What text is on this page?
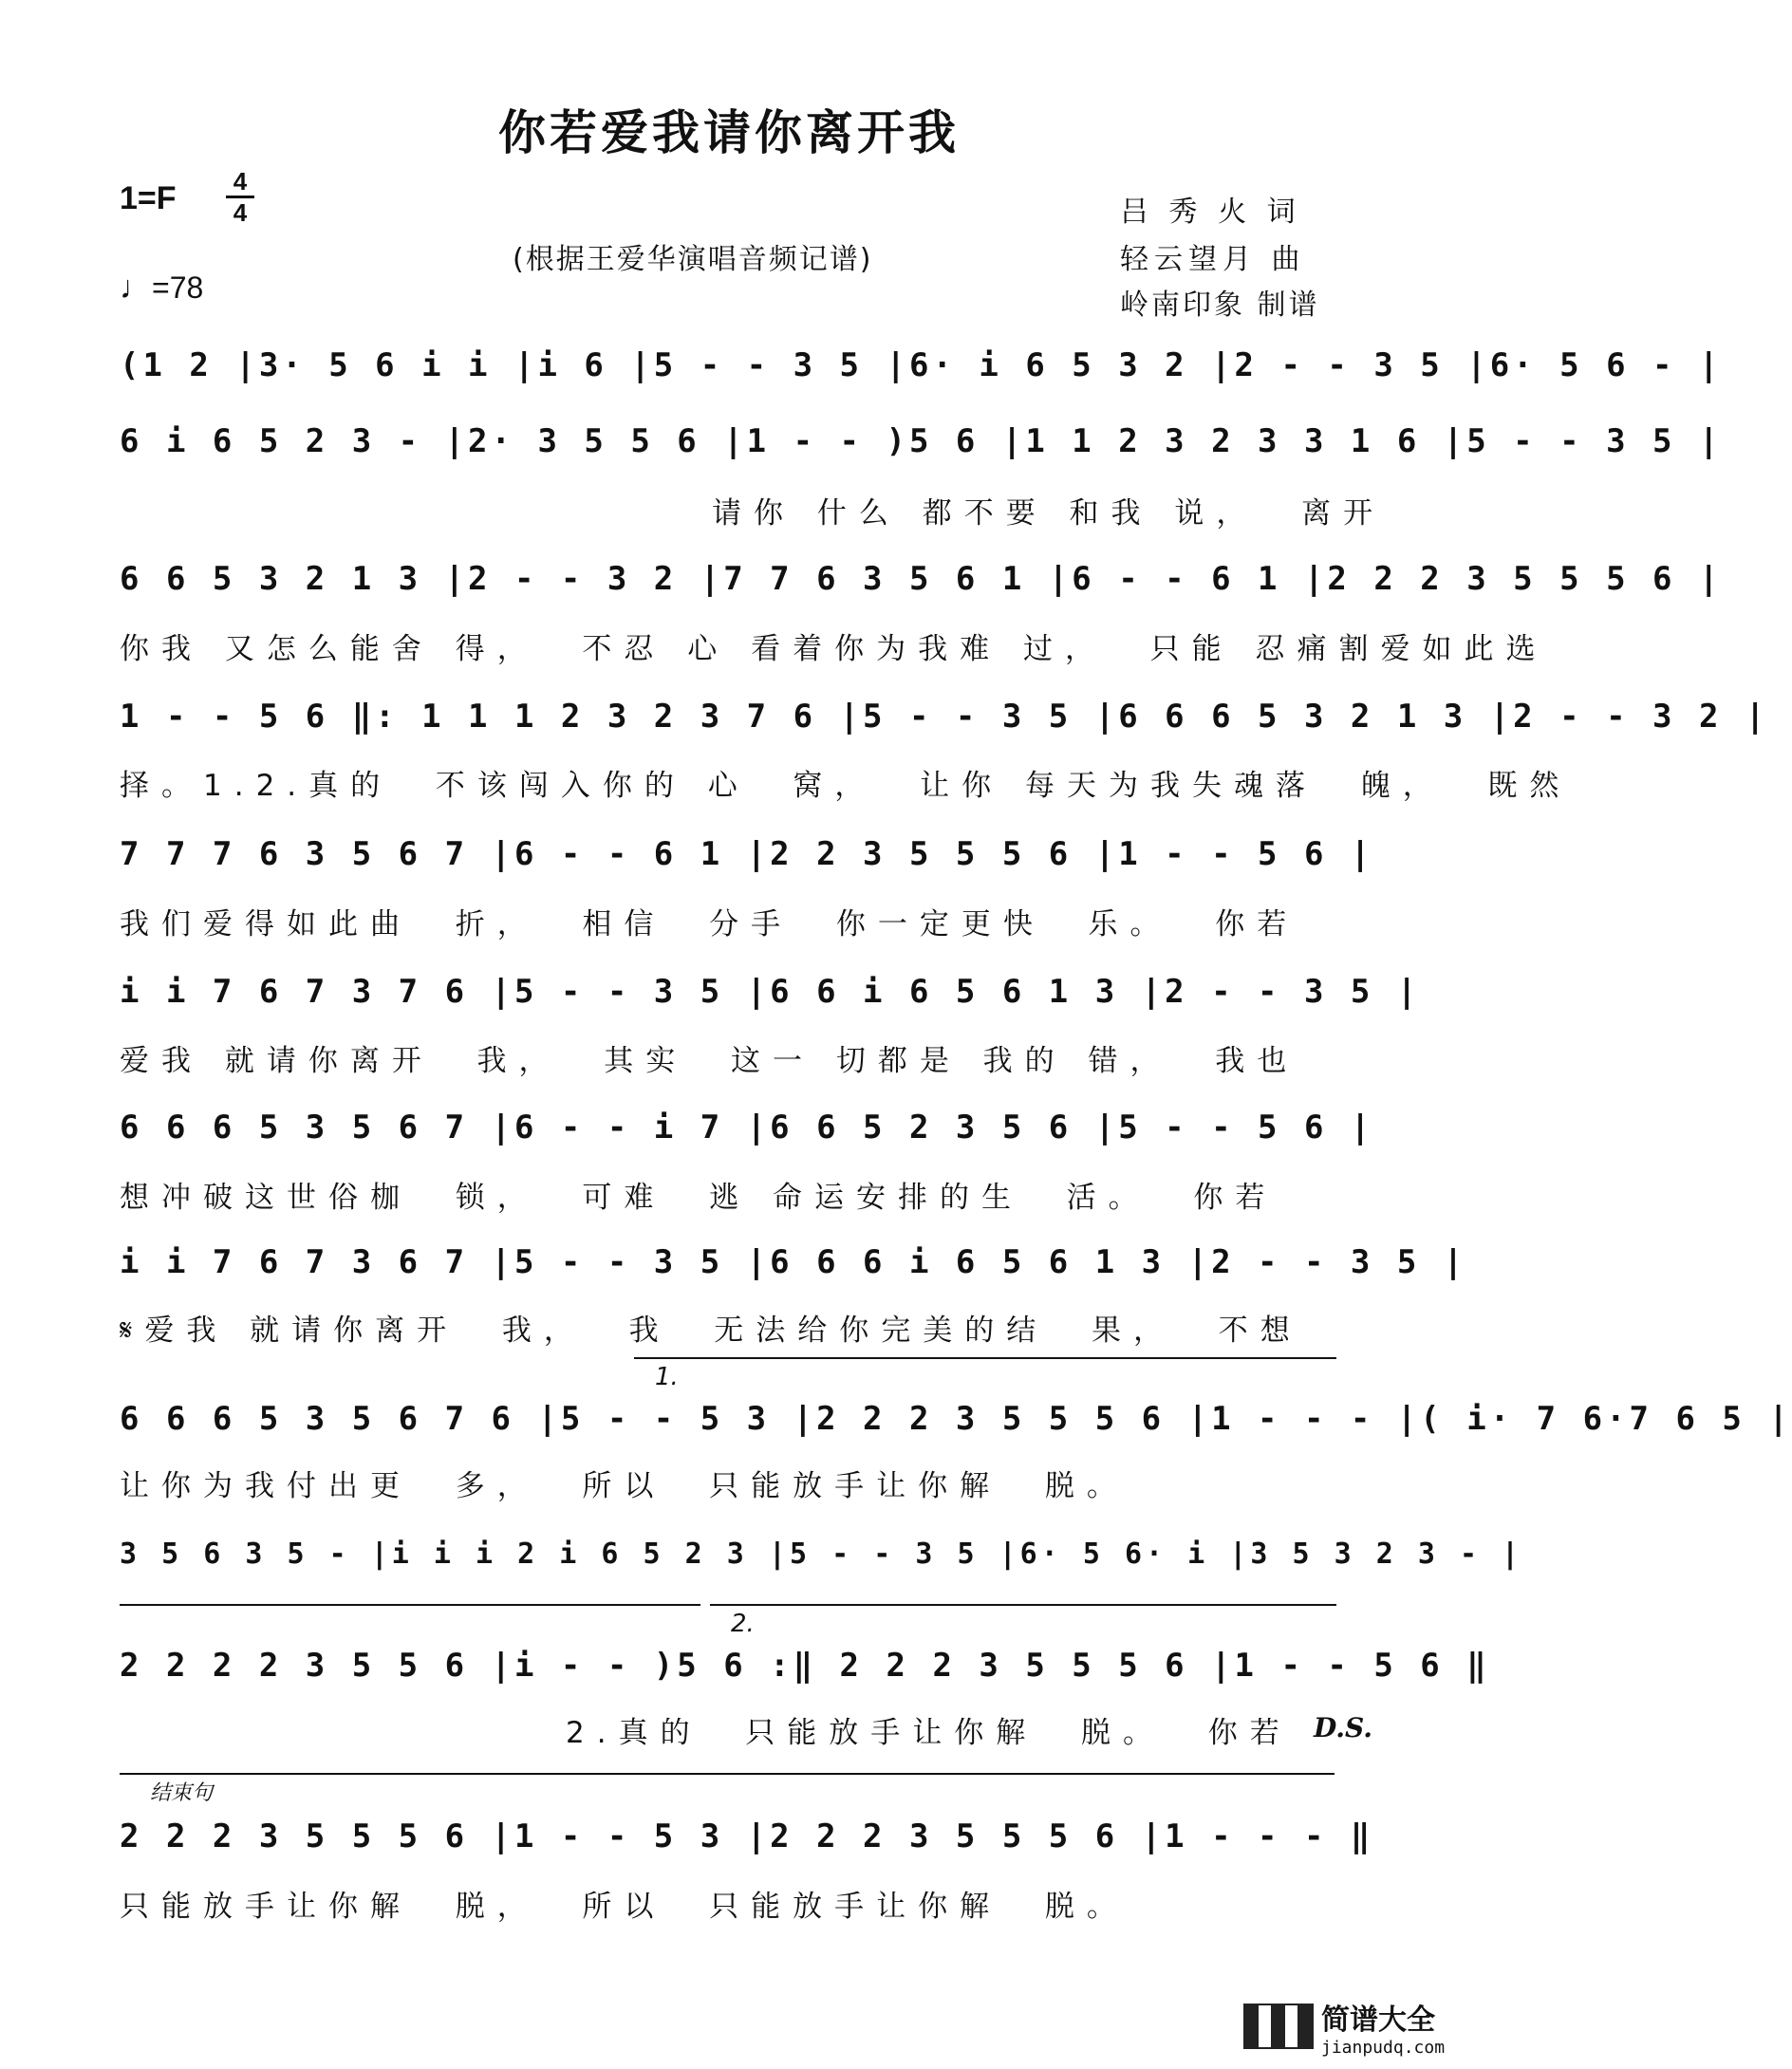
你若爱我请你离开我
1=F 4
4
♩=78
(根据王爱华演唱音频记谱)
吕 秀 火 词
轻云望月 曲
岭南印象 制谱
(1 2 |3· 5 6 i i |i 6 |5 - - 3 5 |6· i 6 5 3 2 |2 - - 3 5 |6· 5 6 - |
6 i 6 5 2 3 - |2· 3 5 5 6 |1 - - )5 6 |1 1 2 3 2 3 3 1 6 |5 - - 3 5 |
请你 什么 都不要 和我 说，  离开
6 6 5 3 2 1 3 |2 - - 3 2 |7 7 6 3 5 6 1 |6 - - 6 1 |2 2 2 3 5 5 5 6 |
你我 又怎么能舍 得，  不忍 心 看着你为我难 过，  只能 忍痛割爱如此选
1 - - 5 6 ‖: 1 1 1 2 3 2 3 7 6 |5 - - 3 5 |6 6 6 5 3 2 1 3 |2 - - 3 2 |
择。1.2.真的  不该闯入你的 心  窝，  让你 每天为我失魂落  魄，  既然
7 7 7 6 3 5 6 7 |6 - - 6 1 |2 2 3 5 5 5 6 |1 - - 5 6 |
我们爱得如此曲  折，  相信  分手  你一定更快  乐。  你若
i i 7 6 7 3 7 6 |5 - - 3 5 |6 6 i 6 5 6 1 3 |2 - - 3 5 |
爱我 就请你离开  我，  其实  这一 切都是 我的 错，  我也
6 6 6 5 3 5 6 7 |6 - - i 7 |6 6 5 2 3 5 6 |5 - - 5 6 |
想冲破这世俗枷  锁，  可难  逃 命运安排的生  活。  你若
i i 7 6 7 3 6 7 |5 - - 3 5 |6 6 6 i 6 5 6 1 3 |2 - - 3 5 |
𝄋爱我 就请你离开  我，  我  无法给你完美的结  果，  不想
1.
6 6 6 5 3 5 6 7 6 |5 - - 5 3 |2 2 2 3 5 5 5 6 |1 - - - |( i· 7 6·7 6 5 |
让你为我付出更  多，  所以  只能放手让你解  脱。
3 5 6 3 5 - |i i i 2 i 6 5 2 3 |5 - - 3 5 |6· 5 6· i |3 5 3 2 3 - |
2.
2 2 2 2 3 5 5 6 |i - - )5 6 :‖ 2 2 2 3 5 5 5 6 |1 - - 5 6 ‖
2.真的  只能放手让你解  脱。  你若 D.S.
结束句
2 2 2 3 5 5 5 6 |1 - - 5 3 |2 2 2 3 5 5 5 6 |1 - - - ‖
只能放手让你解  脱，  所以  只能放手让你解  脱。
简谱大全
jianpudq.com
